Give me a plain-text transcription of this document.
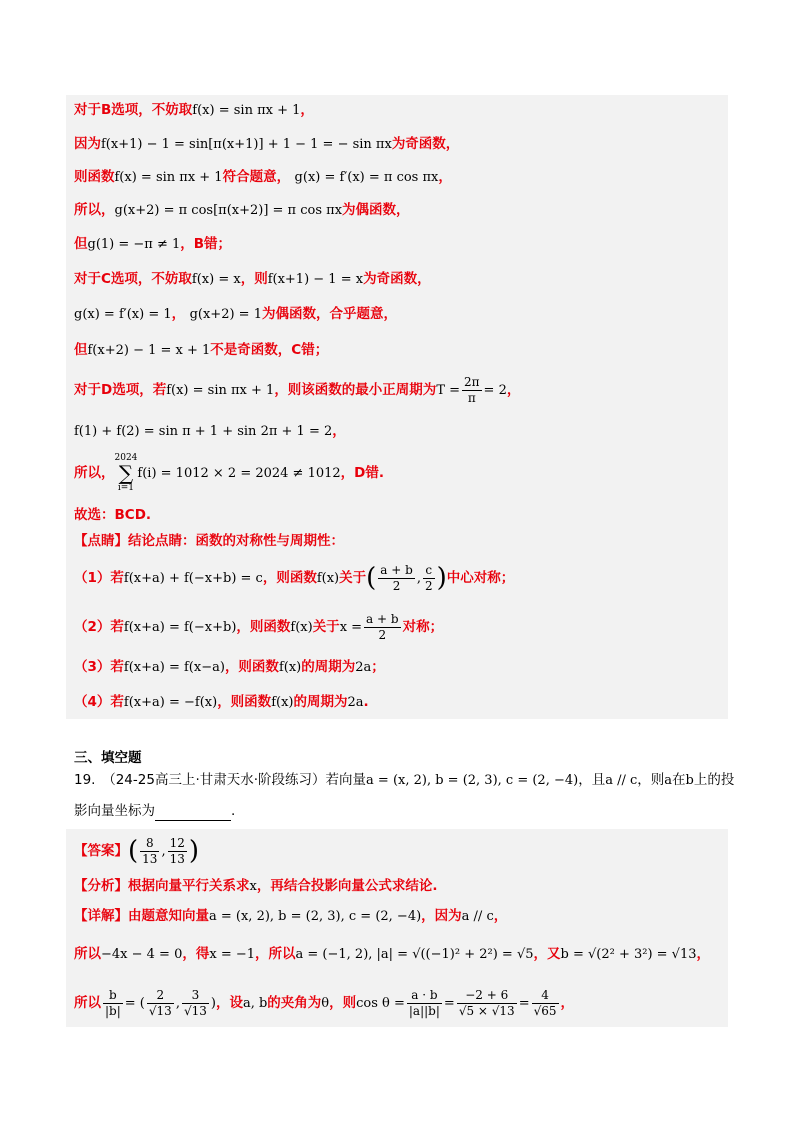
对于B选项，不妨取f(x) = sin πx + 1，
因为f(x+1) − 1 = sin[π(x+1)] + 1 − 1 = − sin πx为奇函数，
则函数f(x) = sin πx + 1符合题意， g(x) = f′(x) = π cos πx，
所以，g(x+2) = π cos[π(x+2)] = π cos πx为偶函数，
但g(1) = −π ≠ 1，B错；
对于C选项，不妨取f(x) = x，则f(x+1) − 1 = x为奇函数，
g(x) = f′(x) = 1， g(x+2) = 1为偶函数，合乎题意，
但f(x+2) − 1 = x + 1不是奇函数，C错；
对于D选项，若f(x) = sin πx + 1，则该函数的最小正周期为$T = \frac{2\pi}{\pi} = 2$，
f(1) + f(2) = sin π + 1 + sin 2π + 1 = 2，
所以，
2024
∑
i=1
f(i) = 1012 × 2 = 2024 ≠ 1012，D错.
故选：BCD.
【点睛】结论点睛：函数的对称性与周期性：
（1）若f(x+a) + f(−x+b) = c，则函数f(x)关于( $\frac{a + b}{2}$ , $\frac{c}{2}$ )中心对称；
（2）若f(x+a) = f(−x+b)，则函数f(x)关于$x = \frac{a + b}{2}$ 对称；
（3）若f(x+a) = f(x−a)，则函数f(x)的周期为2a；
（4）若f(x+a) = −f(x)，则函数f(x)的周期为2a.
三、填空题
19.　（24-25高三上·甘肃天水·阶段练习）若向量a = (x, 2), b = (2, 3), c = (2, −4)，且a // c，则a在b上的投
影向量坐标为	.
【答案】( $\frac{8}{13}$ , $\frac{12}{13}$ )
【分析】根据向量平行关系求x，再结合投影向量公式求结论.
【详解】由题意知向量a = (x, 2), b = (2, 3), c = (2, −4)，因为a // c，
所以−4x − 4 = 0，得x = −1，所以a = (−1, 2), |a| = √((−1)² + 2²) = √5，又b = √(2² + 3²) = √13，
所以 $\frac{b}{|b|}$ = ( $\frac{2}{√13}$ , $\frac{3}{√13}$ )，设a, b的夹角为θ，则$\cos \theta = \frac{a \cdot b}{|a||b|} = \frac{-2 + 6}{√5 \times √13} = \frac{4}{√65}$ ，
